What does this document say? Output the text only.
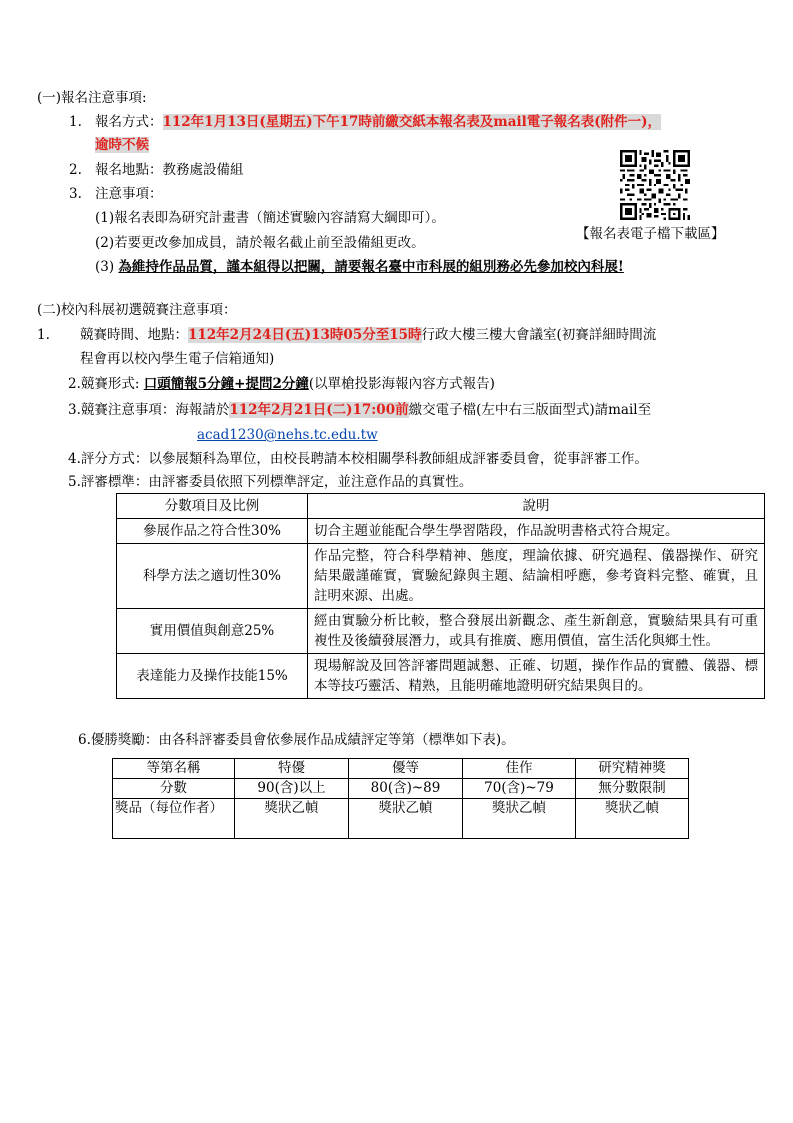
(一)報名注意事項:
1. 報名方式：112年1月13日(星期五)下午17時前繳交紙本報名表及mail電子報名表(附件一)，
逾時不候
2. 報名地點：教務處設備組
3. 注意事項：
(1)報名表即為研究計畫書（簡述實驗內容請寫大綱即可）。
(2)若要更改參加成員，請於報名截止前至設備組更改。
(3) 為維持作品品質，謹本組得以把關，請要報名臺中市科展的組別務必先參加校內科展!
【報名表電子檔下載區】
(二)校內科展初選競賽注意事項：
1. 競賽時間、地點：112年2月24日(五)13時05分至15時行政大樓三樓大會議室(初賽詳細時間流
程會再以校內學生電子信箱通知)
2.競賽形式: 口頭簡報5分鐘+提問2分鐘(以單槍投影海報內容方式報告)
3.競賽注意事項：海報請於112年2月21日(二)17:00前繳交電子檔(左中右三版面型式)請mail至
acad1230@nehs.tc.edu.tw
4.評分方式：以參展類科為單位，由校長聘請本校相關學科教師組成評審委員會，從事評審工作。
5.評審標準：由評審委員依照下列標準評定，並注意作品的真實性。
分數項目及比例	說明
參展作品之符合性30%	切合主題並能配合學生學習階段，作品說明書格式符合規定。
科學方法之適切性30%	作品完整，符合科學精神、態度，理論依據、研究過程、儀器操作、研究結果嚴謹確實，實驗紀錄與主題、結論相呼應，參考資料完整、確實，且註明來源、出處。
實用價值與創意25%	經由實驗分析比較，整合發展出新觀念、產生新創意，實驗結果具有可重複性及後續發展潛力，或具有推廣、應用價值，富生活化與鄉土性。
表達能力及操作技能15%	現場解說及回答評審問題誠懇、正確、切題，操作作品的實體、儀器、標本等技巧靈活、精熟，且能明確地證明研究結果與目的。
6.優勝獎勵：由各科評審委員會依參展作品成績評定等第（標準如下表)。
等第名稱	特優	優等	佳作	研究精神獎
分數	90(含)以上	80(含)~89	70(含)~79	無分數限制
獎品（每位作者）	獎狀乙幀	獎狀乙幀	獎狀乙幀	獎狀乙幀
